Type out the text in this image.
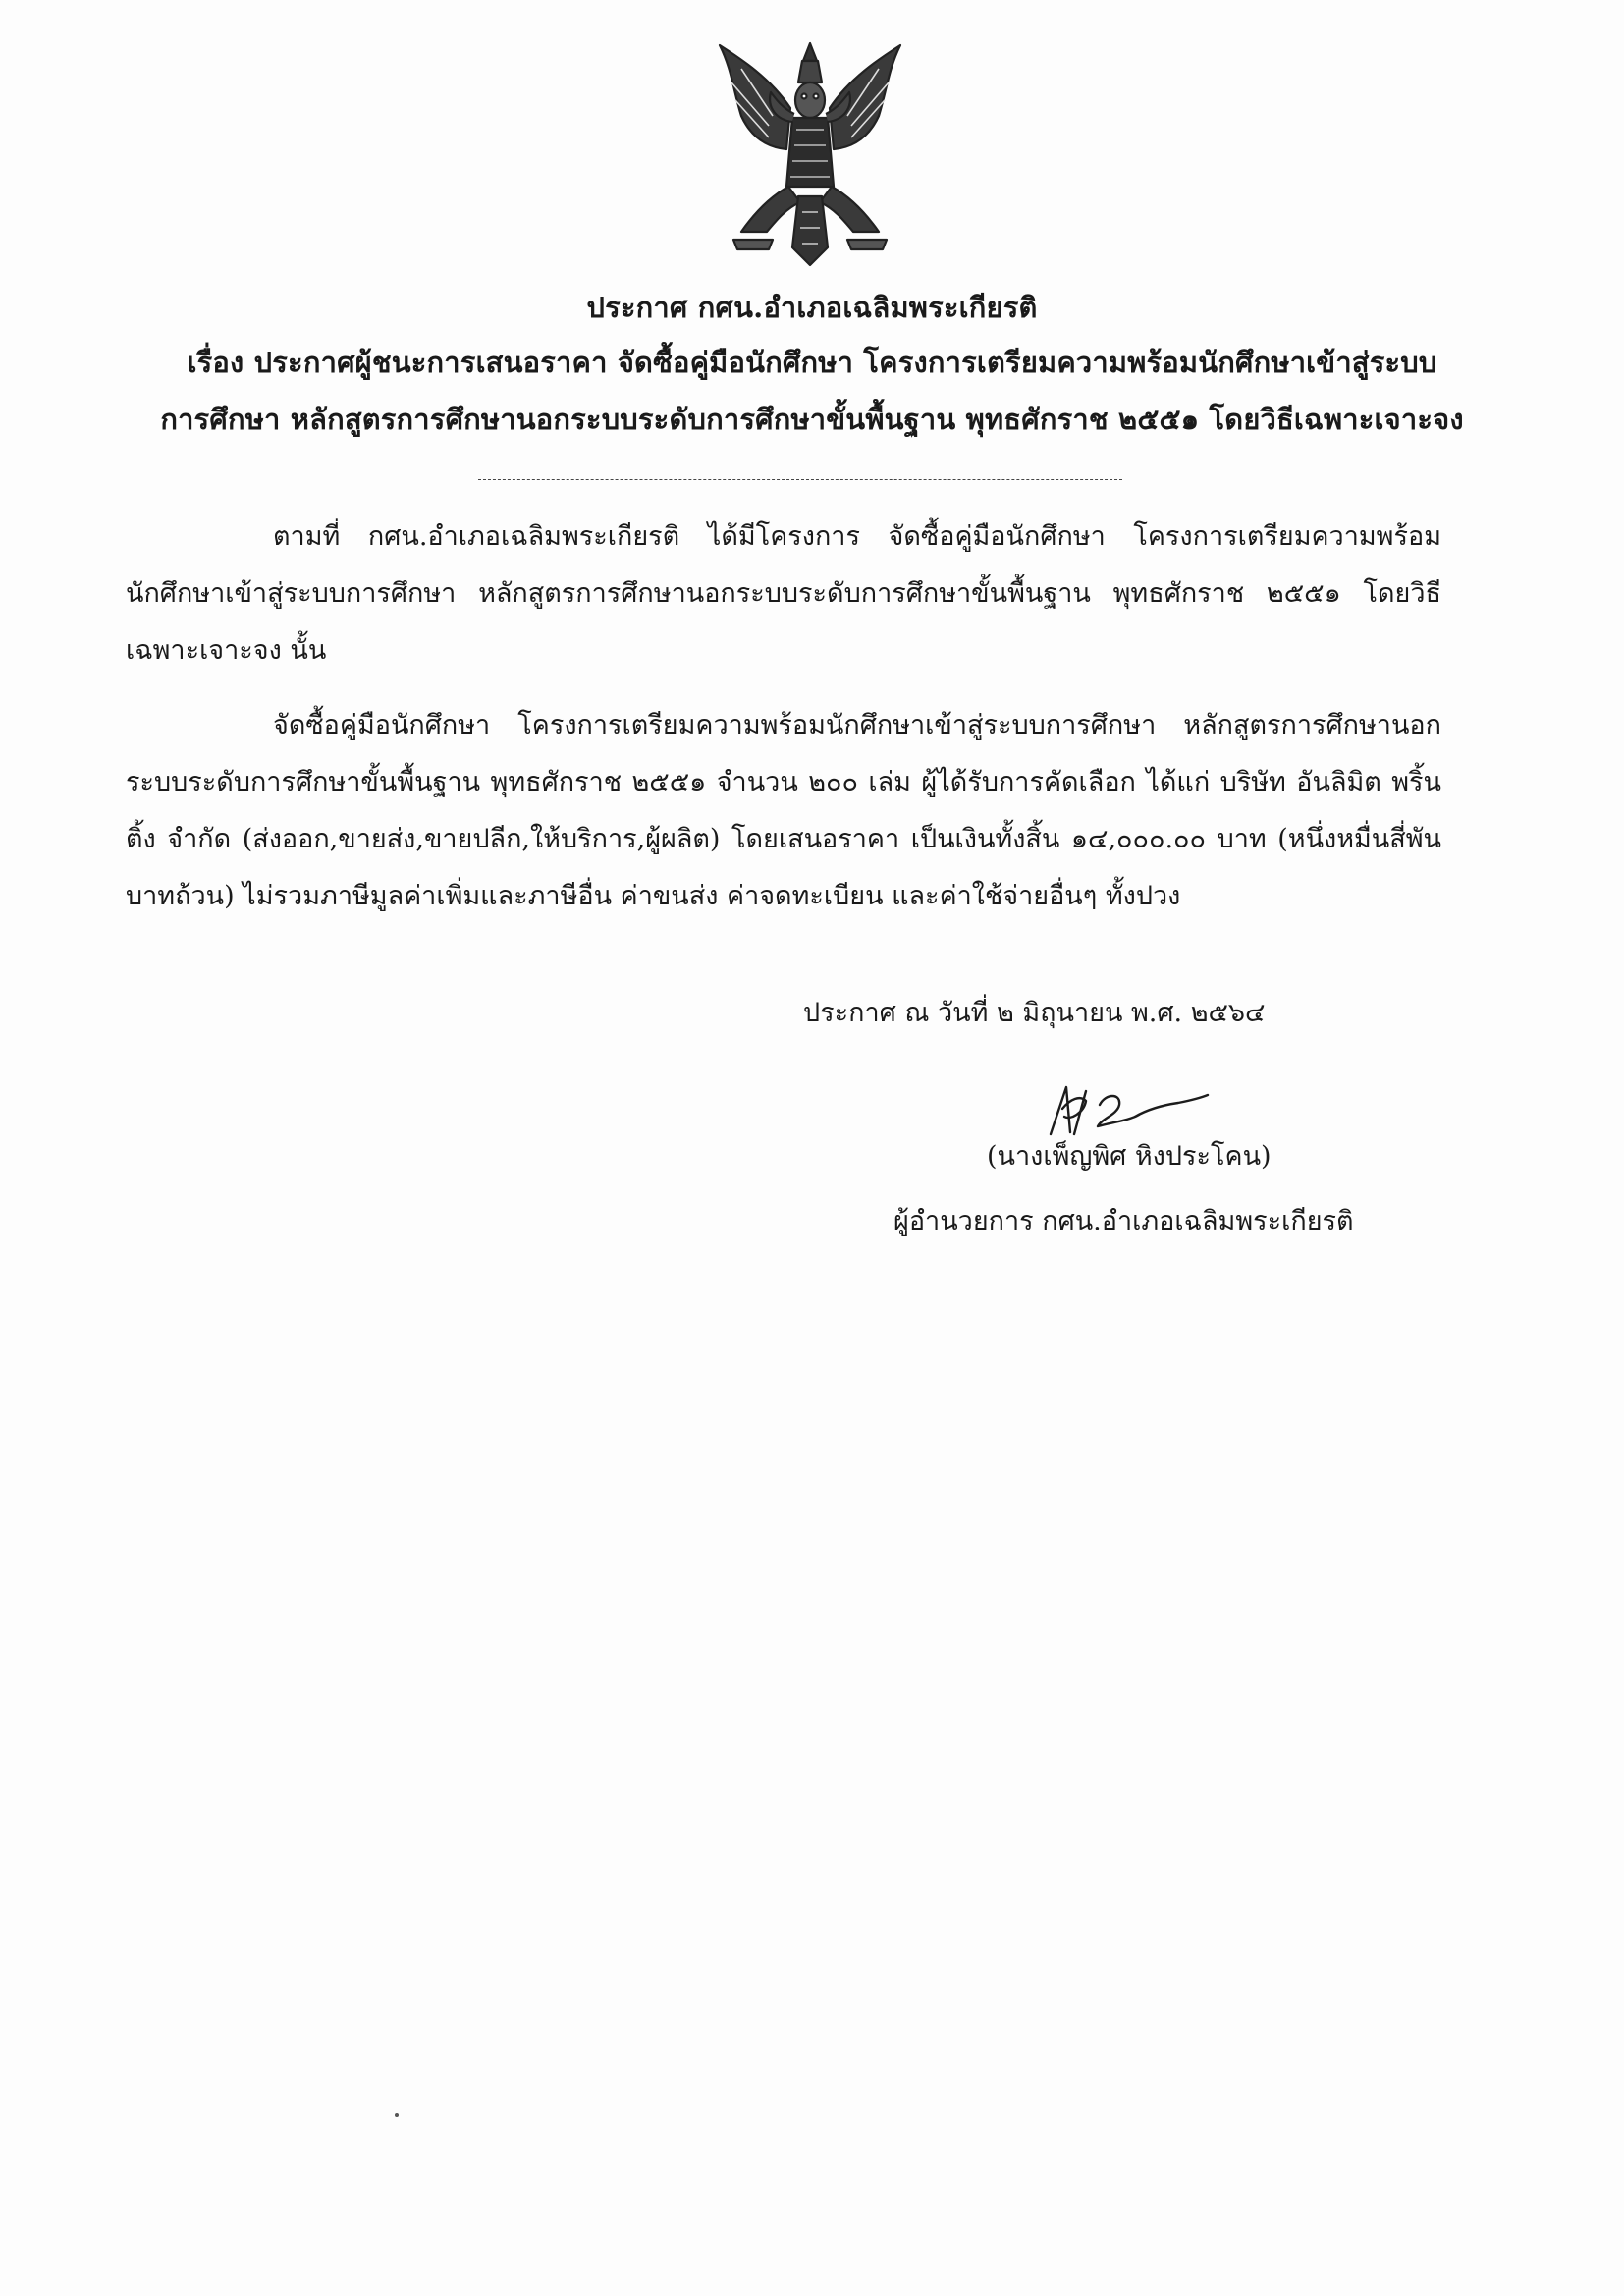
ประกาศ กศน.อำเภอเฉลิมพระเกียรติ
เรื่อง ประกาศผู้ชนะการเสนอราคา จัดซื้อคู่มือนักศึกษา โครงการเตรียมความพร้อมนักศึกษาเข้าสู่ระบบ
การศึกษา หลักสูตรการศึกษานอกระบบระดับการศึกษาขั้นพื้นฐาน พุทธศักราช ๒๕๕๑ โดยวิธีเฉพาะเจาะจง
ตามที่ กศน.อำเภอเฉลิมพระเกียรติ ได้มีโครงการ จัดซื้อคู่มือนักศึกษา โครงการเตรียมความพร้อม นักศึกษาเข้าสู่ระบบการศึกษา หลักสูตรการศึกษานอกระบบระดับการศึกษาขั้นพื้นฐาน พุทธศักราช ๒๕๕๑ โดยวิธี เฉพาะเจาะจง นั้น
จัดซื้อคู่มือนักศึกษา โครงการเตรียมความพร้อมนักศึกษาเข้าสู่ระบบการศึกษา หลักสูตรการศึกษานอก ระบบระดับการศึกษาขั้นพื้นฐาน พุทธศักราช ๒๕๕๑ จำนวน ๒๐๐ เล่ม ผู้ได้รับการคัดเลือก ได้แก่ บริษัท อันลิมิต พริ้นติ้ง จำกัด (ส่งออก,ขายส่ง,ขายปลีก,ให้บริการ,ผู้ผลิต) โดยเสนอราคา เป็นเงินทั้งสิ้น ๑๔,๐๐๐.๐๐ บาท (หนึ่งหมื่นสี่พันบาทถ้วน) ไม่รวมภาษีมูลค่าเพิ่มและภาษีอื่น ค่าขนส่ง ค่าจดทะเบียน และค่าใช้จ่ายอื่นๆ ทั้งปวง
ประกาศ ณ วันที่ ๒ มิถุนายน พ.ศ. ๒๕๖๔
(นางเพ็ญพิศ หิงประโคน)
ผู้อำนวยการ กศน.อำเภอเฉลิมพระเกียรติ
